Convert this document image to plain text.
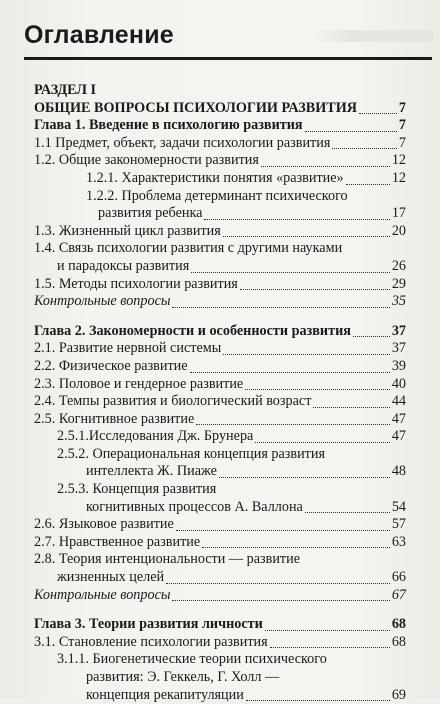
Оглавление
РАЗДЕЛ I
ОБЩИЕ ВОПРОСЫ ПСИХОЛОГИИ РАЗВИТИЯ	7
Глава 1. Введение в психологию развития	7
1.1 Предмет, объект, задачи психологии развития	7
1.2. Общие закономерности развития	12
1.2.1. Характеристики понятия «развитие»	12
1.2.2. Проблема детерминант психического
развития ребенка	17
1.3. Жизненный цикл развития	20
1.4. Связь психологии развития с другими науками
и парадоксы развития	26
1.5. Методы психологии развития	29
Контрольные вопросы	35
Глава 2. Закономерности и особенности развития	37
2.1. Развитие нервной системы	37
2.2. Физическое развитие	39
2.3. Половое и гендерное развитие	40
2.4. Темпы развития и биологический возраст	44
2.5. Когнитивное развитие	47
2.5.1.Исследования Дж. Брунера	47
2.5.2. Операциональная концепция развития
интеллекта Ж. Пиаже	48
2.5.3. Концепция развития
когнитивных процессов А. Валлона	54
2.6. Языковое развитие	57
2.7. Нравственное развитие	63
2.8. Теория интенциональности — развитие
жизненных целей	66
Контрольные вопросы	67
Глава 3. Теории развития личности	68
3.1. Становление психологии развития	68
3.1.1. Биогенетические теории психического
развития: Э. Геккель, Г. Холл —
концепция рекапитуляции	69
